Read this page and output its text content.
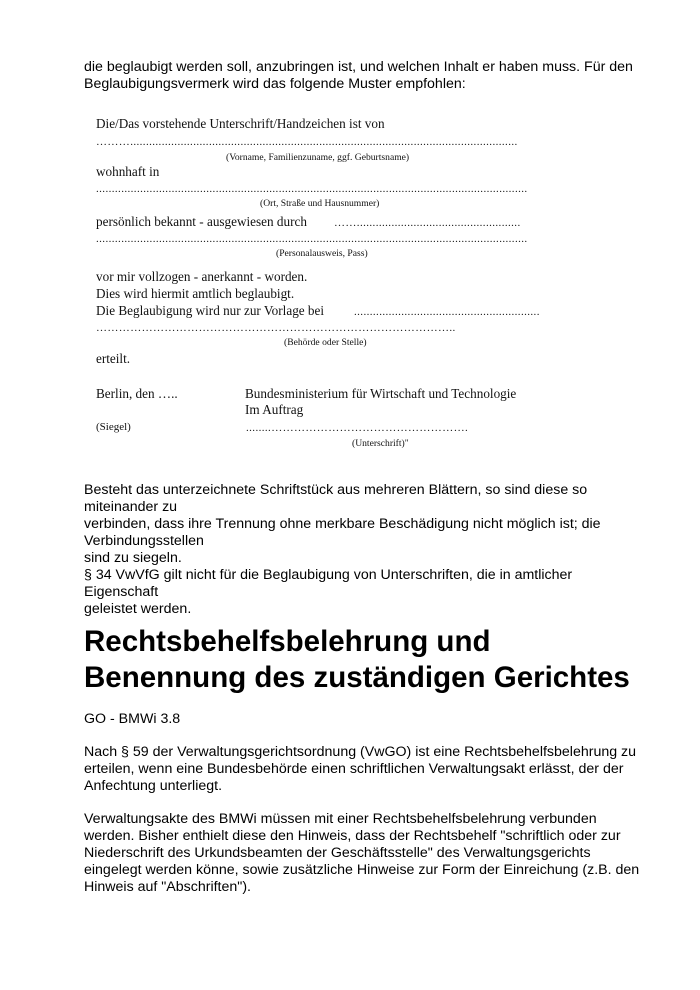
die beglaubigt werden soll, anzubringen ist, und welchen Inhalt er haben muss. Für den

Beglaubigungsvermerk wird das folgende Muster empfohlen:

Die/Das vorstehende Unterschrift/Handzeichen ist von
………...........................................................................................................................
(Vorname, Familienzuname, ggf. Geburtsname)
wohnhaft in
.........................................................................................................................................
(Ort, Straße und Hausnummer)
persönlich bekannt - ausgewiesen durch ……....................................................
.........................................................................................................................................
(Personalausweis, Pass)
vor mir vollzogen - anerkannt - worden.
Dies wird hiermit amtlich beglaubigt.
Die Beglaubigung wird nur zur Vorlage bei	...........................................................
…………………………………………………………………………………..
(Behörde oder Stelle)
erteilt.
Berlin, den …..	Bundesministerium für Wirtschaft und Technologie
Im Auftrag
(Siegel)	........…………………………………………….
(Unterschrift)"

Besteht das unterzeichnete Schriftstück aus mehreren Blättern, so sind diese so

miteinander zu

verbinden, dass ihre Trennung ohne merkbare Beschädigung nicht möglich ist; die

Verbindungsstellen

sind zu siegeln.

§ 34 VwVfG gilt nicht für die Beglaubigung von Unterschriften, die in amtlicher

Eigenschaft

geleistet werden.

Rechtsbehelfsbelehrung und
Benennung des zuständigen Gerichtes

GO - BMWi 3.8

Nach § 59 der Verwaltungsgerichtsordnung (VwGO) ist eine Rechtsbehelfsbelehrung zu erteilen, wenn eine Bundesbehörde einen schriftlichen Verwaltungsakt erlässt, der der Anfechtung unterliegt.

Verwaltungsakte des BMWi müssen mit einer Rechtsbehelfsbelehrung verbunden werden. Bisher enthielt diese den Hinweis, dass der Rechtsbehelf "schriftlich oder zur Niederschrift des Urkundsbeamten der Geschäftsstelle" des Verwaltungsgerichts eingelegt werden könne, sowie zusätzliche Hinweise zur Form der Einreichung (z.B. den Hinweis auf "Abschriften").
